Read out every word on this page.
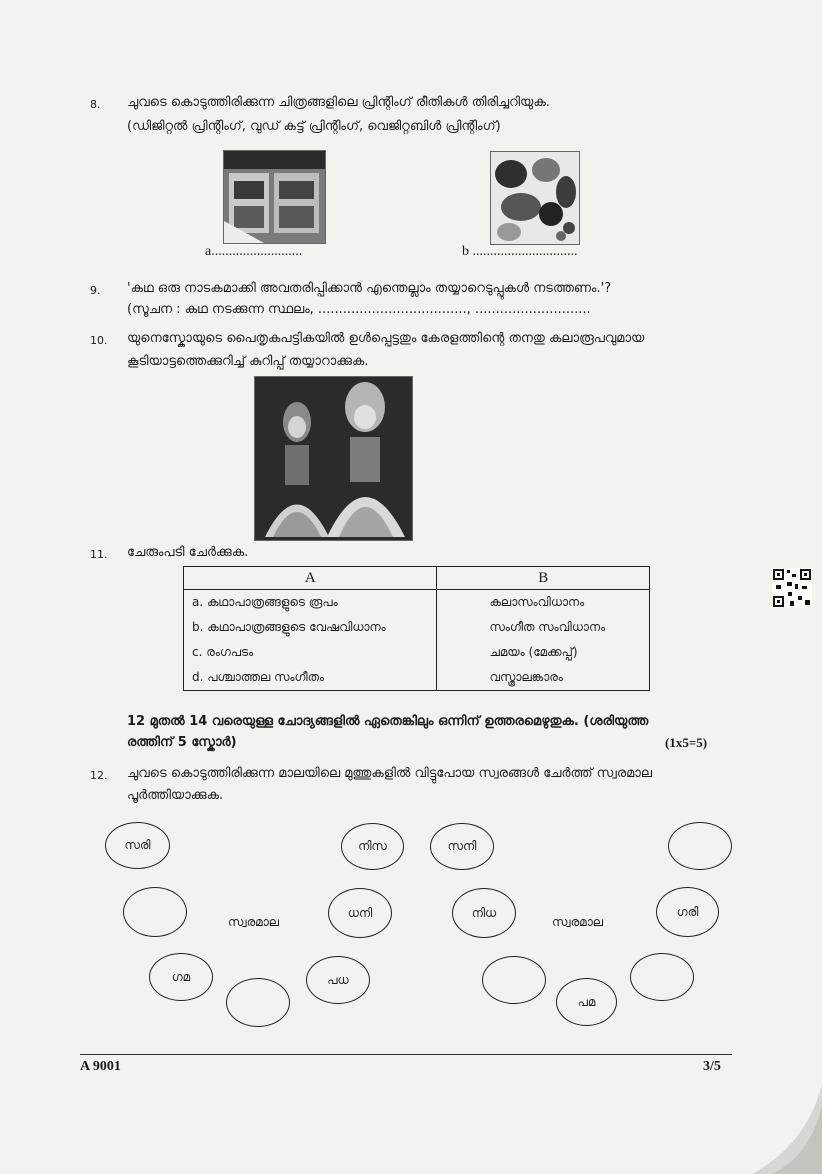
8. ചുവടെ കൊടുത്തിരിക്കുന്ന ചിത്രങ്ങളിലെ പ്രിന്റിംഗ് രീതികൾ തിരിച്ചറിയുക.
(ഡിജിറ്റൽ പ്രിന്റിംഗ്, വുഡ് കട്ട് പ്രിന്റിംഗ്, വെജിറ്റബിൾ പ്രിന്റിംഗ്)
a..........................	b ..............................
9. 'കഥ ഒരു നാടകമാക്കി അവതരിപ്പിക്കാൻ എന്തെല്ലാം തയ്യാറെടുപ്പുകൾ നടത്തണം.'?
(സൂചന : കഥ നടക്കുന്ന സ്ഥലം, ...................................., ............................
10. യുനെസ്കോയുടെ പൈതൃകപട്ടികയിൽ ഉൾപ്പെട്ടതും കേരളത്തിന്റെ തനതു കലാരൂപവുമായ
കൂടിയാട്ടത്തെക്കുറിച്ച് കുറിപ്പ് തയ്യാറാക്കുക.
11. ചേരുംപടി ചേർക്കുക.
A	B
a. കഥാപാത്രങ്ങളുടെ രൂപം	കലാസംവിധാനം
b. കഥാപാത്രങ്ങളുടെ വേഷവിധാനം	സംഗീത സംവിധാനം
c. രംഗപടം	ചമയം (മേക്കപ്പ്)
d. പശ്ചാത്തല സംഗീതം	വസ്ത്രാലങ്കാരം
12 മുതൽ 14 വരെയുള്ള ചോദ്യങ്ങളിൽ ഏതെങ്കിലും ഒന്നിന് ഉത്തരമെഴുതുക. (ശരിയുത്ത
രത്തിന് 5 സ്കോർ)	(1x5=5)
12. ചുവടെ കൊടുത്തിരിക്കുന്ന മാലയിലെ മുത്തുകളിൽ വിട്ടുപോയ സ്വരങ്ങൾ ചേർത്ത് സ്വരമാല
പൂർത്തിയാക്കുക.
സരി
ഗമ	പധ
ധനി
നിസ
സ്വരമാല
സനി
നിധ
പമ
ഗരി
സ്വരമാല
A 9001	3/5
